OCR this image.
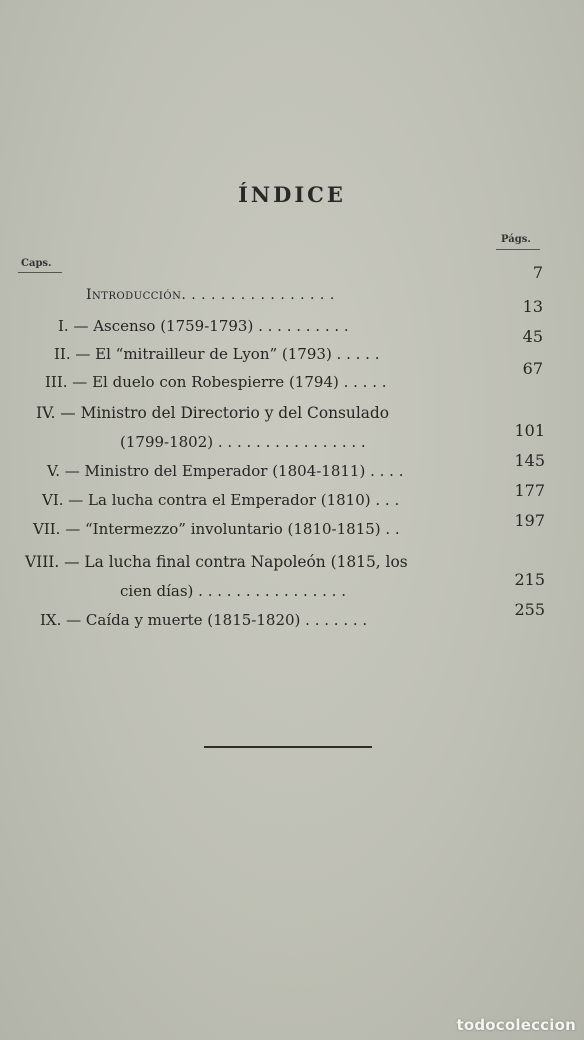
ÍNDICE
Págs.
Caps.
Introducción. . . . . . . . . . . . . . . .
7
I. — Ascenso (1759-1793) . . . . . . . . . .
13
II. — El “mitrailleur de Lyon” (1793) . . . . .
45
III. — El duelo con Robespierre (1794) . . . . .
67
IV. — Ministro del Directorio y del Consulado
(1799-1802) . . . . . . . . . . . . . . . .
101
V. — Ministro del Emperador (1804-1811) . . . .
145
VI. — La lucha contra el Emperador (1810) . . .	177
VII. — “Intermezzo” involuntario (1810-1815) . .	197
VIII. — La lucha final contra Napoleón (1815, los
cien días) . . . . . . . . . . . . . . . .
215
IX. — Caída y muerte (1815-1820) . . . . . . .
255
todocoleccion
